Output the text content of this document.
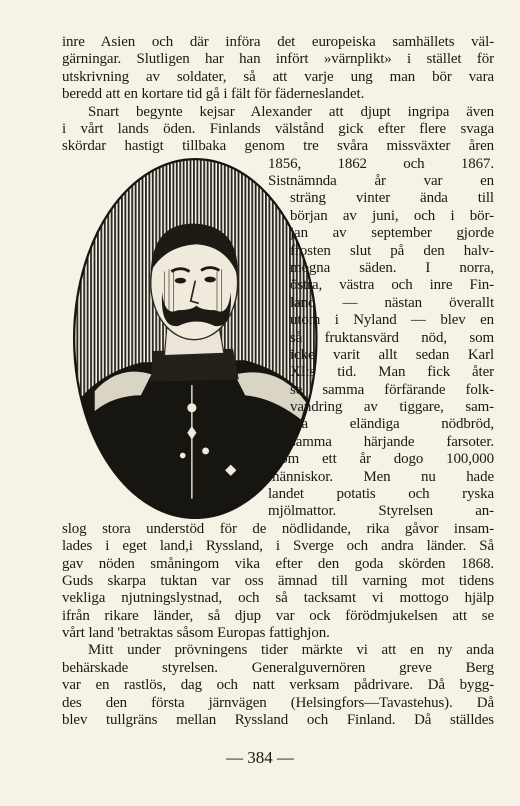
inre Asien och där införa det europeiska samhällets väl-
gärningar. Slutligen har han infört »värnplikt» i stället för
utskrivning av soldater, så att varje ung man bör vara
beredd att en kortare tid gå i fält för fäderneslandet.
Snart begynte kejsar Alexander att djupt ingripa även
i vårt lands öden. Finlands välstånd gick efter flere svaga
skördar hastigt tillbaka genom tre svåra missväxter åren
1856, 1862 och 1867.
Sistnämnda år var en
sträng vinter ända till
början av juni, och i bör-
jan av september gjorde
frosten slut på den halv-
mogna säden. I norra,
östra, västra och inre Fin-
land — nästan överallt
utom i Nyland — blev en
så fruktansvärd nöd, som
icke varit allt sedan Karl
XI:s tid. Man fick åter
se samma förfärande folk-
vandring av tiggare, sam-
ma eländiga nödbröd,
samma härjande farsoter.
Inom ett år dogo 100,000
människor. Men nu hade
landet potatis och ryska
mjölmattor. Styrelsen an-
slog stora understöd för de nödlidande, rika gåvor insam-
lades i eget land,i Ryssland, i Sverge och andra länder. Så
gav nöden småningom vika efter den goda skörden 1868.
Guds skarpa tuktan var oss ämnad till varning mot tidens
vekliga njutningslystnad, och så tacksamt vi mottogo hjälp
ifrån rikare länder, så djup var ock förödmjukelsen att se
vårt land 'betraktas såsom Europas fattighjon.
— 384 —
Mitt under prövningens tider märkte vi att en ny anda
behärskade styrelsen. Generalguvernören greve Berg
var en rastlös, dag och natt verksam pådrivare. Då bygg-
des den första järnvägen (Helsingfors—Tavastehus). Då
blev tullgräns mellan Ryssland och Finland. Då ställdes
